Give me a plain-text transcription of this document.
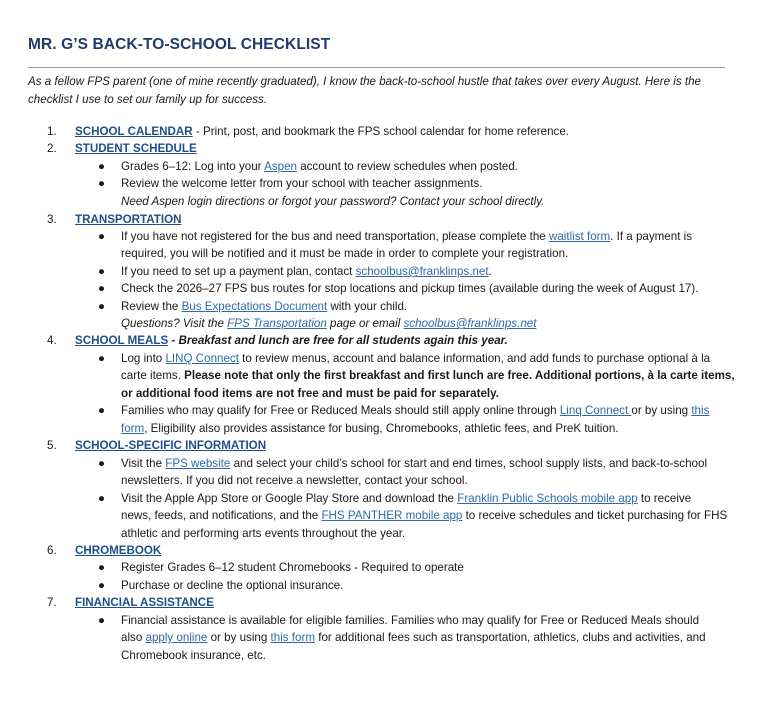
MR. G’S BACK-TO-SCHOOL CHECKLIST
As a fellow FPS parent (one of mine recently graduated), I know the back-to-school hustle that takes over every August. Here is the checklist I use to set our family up for success.
1. SCHOOL CALENDAR - Print, post, and bookmark the FPS school calendar for home reference.
2. STUDENT SCHEDULE
● Grades 6–12: Log into your Aspen account to review schedules when posted.
● Review the welcome letter from your school with teacher assignments.
Need Aspen login directions or forgot your password? Contact your school directly.
3. TRANSPORTATION
● If you have not registered for the bus and need transportation, please complete the waitlist form. If a payment is
required, you will be notified and it must be made in order to complete your registration.
● If you need to set up a payment plan, contact schoolbus@franklinps.net.
● Check the 2026–27 FPS bus routes for stop locations and pickup times (available during the week of August 17).
● Review the Bus Expectations Document with your child.
Questions? Visit the FPS Transportation page or email schoolbus@franklinps.net
4. SCHOOL MEALS - Breakfast and lunch are free for all students again this year.
● Log into LINQ Connect to review menus, account and balance information, and add funds to purchase optional à la
carte items. Please note that only the first breakfast and first lunch are free. Additional portions, à la carte items,
or additional food items are not free and must be paid for separately.
● Families who may qualify for Free or Reduced Meals should still apply online through Linq Connect or by using this
form, Eligibility also provides assistance for busing, Chromebooks, athletic fees, and PreK tuition.
5. SCHOOL-SPECIFIC INFORMATION
● Visit the FPS website and select your child’s school for start and end times, school supply lists, and back-to-school
newsletters. If you did not receive a newsletter, contact your school.
● Visit the Apple App Store or Google Play Store and download the Franklin Public Schools mobile app to receive
news, feeds, and notifications, and the FHS PANTHER mobile app to receive schedules and ticket purchasing for FHS
athletic and performing arts events throughout the year.
6. CHROMEBOOK
● Register Grades 6–12 student Chromebooks - Required to operate
● Purchase or decline the optional insurance.
7. FINANCIAL ASSISTANCE
● Financial assistance is available for eligible families. Families who may qualify for Free or Reduced Meals should
also apply online or by using this form for additional fees such as transportation, athletics, clubs and activities, and
Chromebook insurance, etc.
